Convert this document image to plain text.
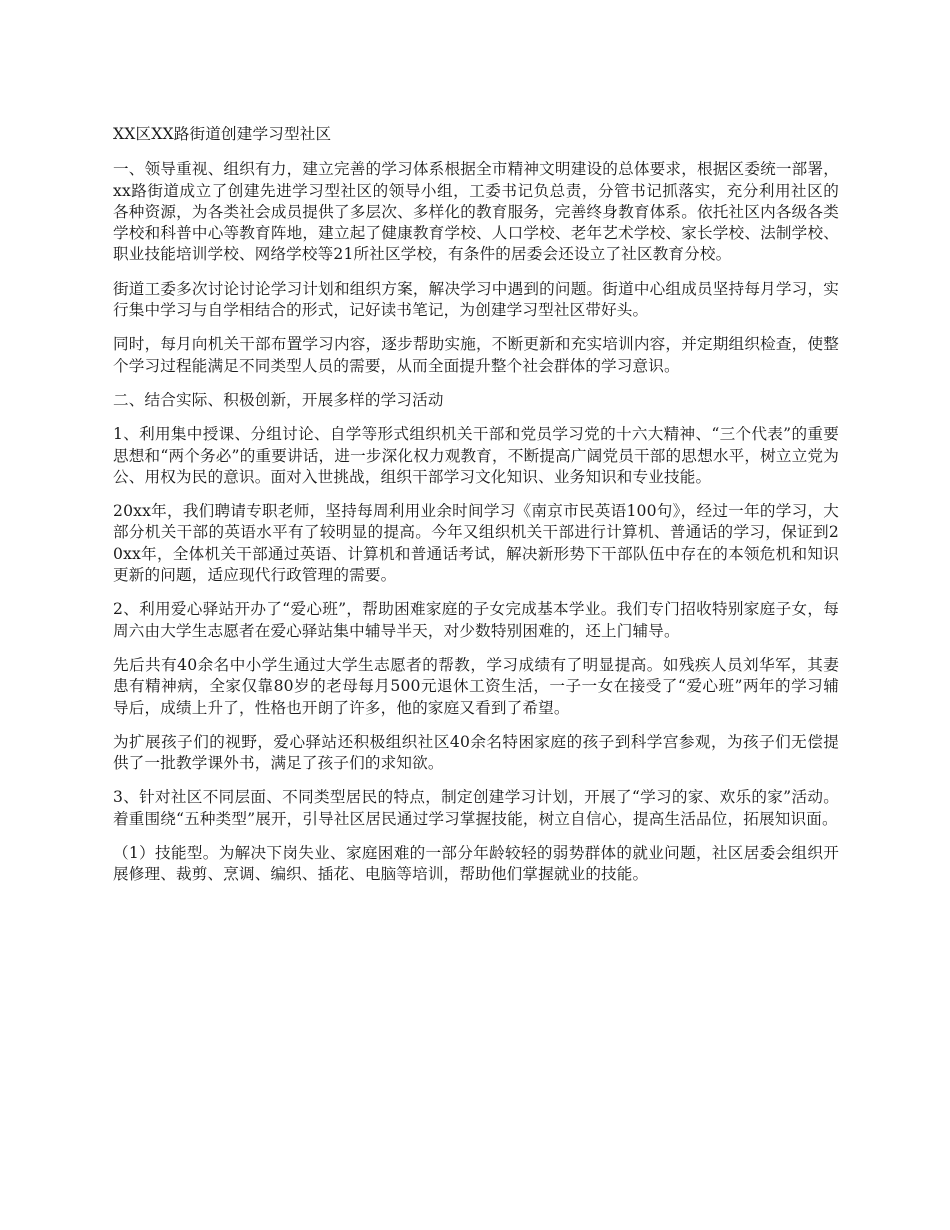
XX区XX路街道创建学习型社区

一、领导重视、组织有力，建立完善的学习体系根据全市精神文明建设的总体要求，根据区委统一部署，xx路街道成立了创建先进学习型社区的领导小组，工委书记负总责，分管书记抓落实，充分利用社区的各种资源，为各类社会成员提供了多层次、多样化的教育服务，完善终身教育体系。依托社区内各级各类学校和科普中心等教育阵地，建立起了健康教育学校、人口学校、老年艺术学校、家长学校、法制学校、职业技能培训学校、网络学校等21所社区学校，有条件的居委会还设立了社区教育分校。

街道工委多次讨论讨论学习计划和组织方案，解决学习中遇到的问题。街道中心组成员坚持每月学习，实行集中学习与自学相结合的形式，记好读书笔记，为创建学习型社区带好头。

同时，每月向机关干部布置学习内容，逐步帮助实施，不断更新和充实培训内容，并定期组织检查，使整个学习过程能满足不同类型人员的需要，从而全面提升整个社会群体的学习意识。

二、结合实际、积极创新，开展多样的学习活动

1、利用集中授课、分组讨论、自学等形式组织机关干部和党员学习党的十六大精神、“三个代表”的重要思想和“两个务必”的重要讲话，进一步深化权力观教育，不断提高广阔党员干部的思想水平，树立立党为公、用权为民的意识。面对入世挑战，组织干部学习文化知识、业务知识和专业技能。

20xx年，我们聘请专职老师，坚持每周利用业余时间学习《南京市民英语100句》，经过一年的学习，大部分机关干部的英语水平有了较明显的提高。今年又组织机关干部进行计算机、普通话的学习，保证到20xx年，全体机关干部通过英语、计算机和普通话考试，解决新形势下干部队伍中存在的本领危机和知识更新的问题，适应现代行政管理的需要。

2、利用爱心驿站开办了“爱心班”，帮助困难家庭的子女完成基本学业。我们专门招收特别家庭子女，每周六由大学生志愿者在爱心驿站集中辅导半天，对少数特别困难的，还上门辅导。

先后共有40余名中小学生通过大学生志愿者的帮教，学习成绩有了明显提高。如残疾人员刘华军，其妻患有精神病，全家仅靠80岁的老母每月500元退休工资生活，一子一女在接受了“爱心班”两年的学习辅导后，成绩上升了，性格也开朗了许多，他的家庭又看到了希望。

为扩展孩子们的视野，爱心驿站还积极组织社区40余名特困家庭的孩子到科学宫参观，为孩子们无偿提供了一批教学课外书，满足了孩子们的求知欲。

3、针对社区不同层面、不同类型居民的特点，制定创建学习计划，开展了“学习的家、欢乐的家”活动。着重围绕“五种类型”展开，引导社区居民通过学习掌握技能，树立自信心，提高生活品位，拓展知识面。

（1）技能型。为解决下岗失业、家庭困难的一部分年龄较轻的弱势群体的就业问题，社区居委会组织开展修理、裁剪、烹调、编织、插花、电脑等培训，帮助他们掌握就业的技能。
